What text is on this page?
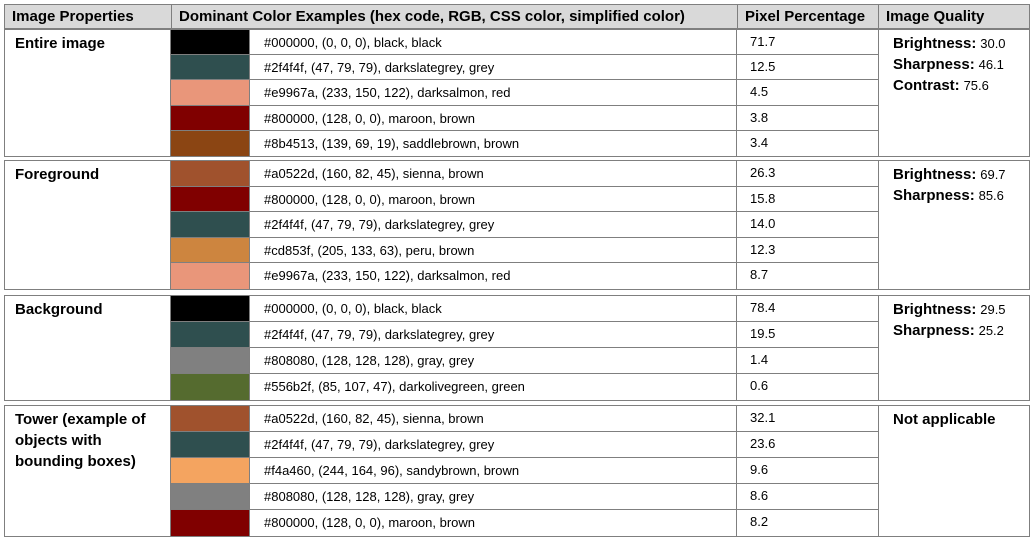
Image Properties	Dominant Color Examples (hex code, RGB, CSS color, simplified color)	Pixel Percentage	Image Quality
Entire image	#000000, (0, 0, 0), black, black	71.7
#2f4f4f, (47, 79, 79), darkslategrey, grey	12.5
#e9967a, (233, 150, 122), darksalmon, red	4.5
#800000, (128, 0, 0), maroon, brown	3.8
#8b4513, (139, 69, 19), saddlebrown, brown	3.4
Brightness: 30.0
Sharpness: 46.1
Contrast: 75.6
Foreground	#a0522d, (160, 82, 45), sienna, brown	26.3
#800000, (128, 0, 0), maroon, brown	15.8
#2f4f4f, (47, 79, 79), darkslategrey, grey	14.0
#cd853f, (205, 133, 63), peru, brown	12.3
#e9967a, (233, 150, 122), darksalmon, red	8.7
Brightness: 69.7
Sharpness: 85.6
Background	#000000, (0, 0, 0), black, black	78.4
#2f4f4f, (47, 79, 79), darkslategrey, grey	19.5
#808080, (128, 128, 128), gray, grey	1.4
#556b2f, (85, 107, 47), darkolivegreen, green	0.6
Brightness: 29.5
Sharpness: 25.2
Tower (example of objects with bounding boxes)
#a0522d, (160, 82, 45), sienna, brown	32.1
#2f4f4f, (47, 79, 79), darkslategrey, grey	23.6
#f4a460, (244, 164, 96), sandybrown, brown	9.6
#808080, (128, 128, 128), gray, grey	8.6
#800000, (128, 0, 0), maroon, brown	8.2
Not applicable
